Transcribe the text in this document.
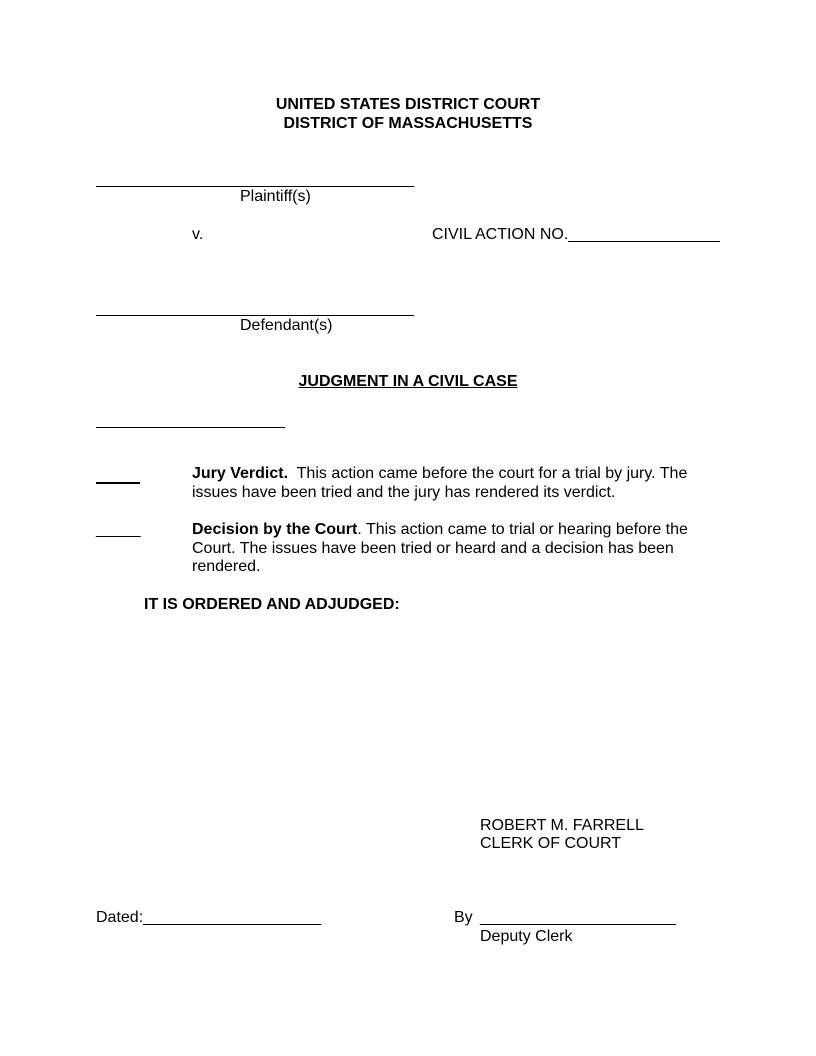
UNITED STATES DISTRICT COURT
DISTRICT OF MASSACHUSETTS
Plaintiff(s)
v.	CIVIL ACTION NO._________________
Defendant(s)
JUDGMENT IN A CIVIL CASE
Jury Verdict. This action came before the court for a trial by jury. The issues have been tried and the jury has rendered its verdict.
_____	Decision by the Court. This action came to trial or hearing before the Court. The issues have been tried or heard and a decision has been rendered.
IT IS ORDERED AND ADJUDGED:
ROBERT M. FARRELL
CLERK OF COURT
Dated:____________________	By ______________________
Deputy Clerk
